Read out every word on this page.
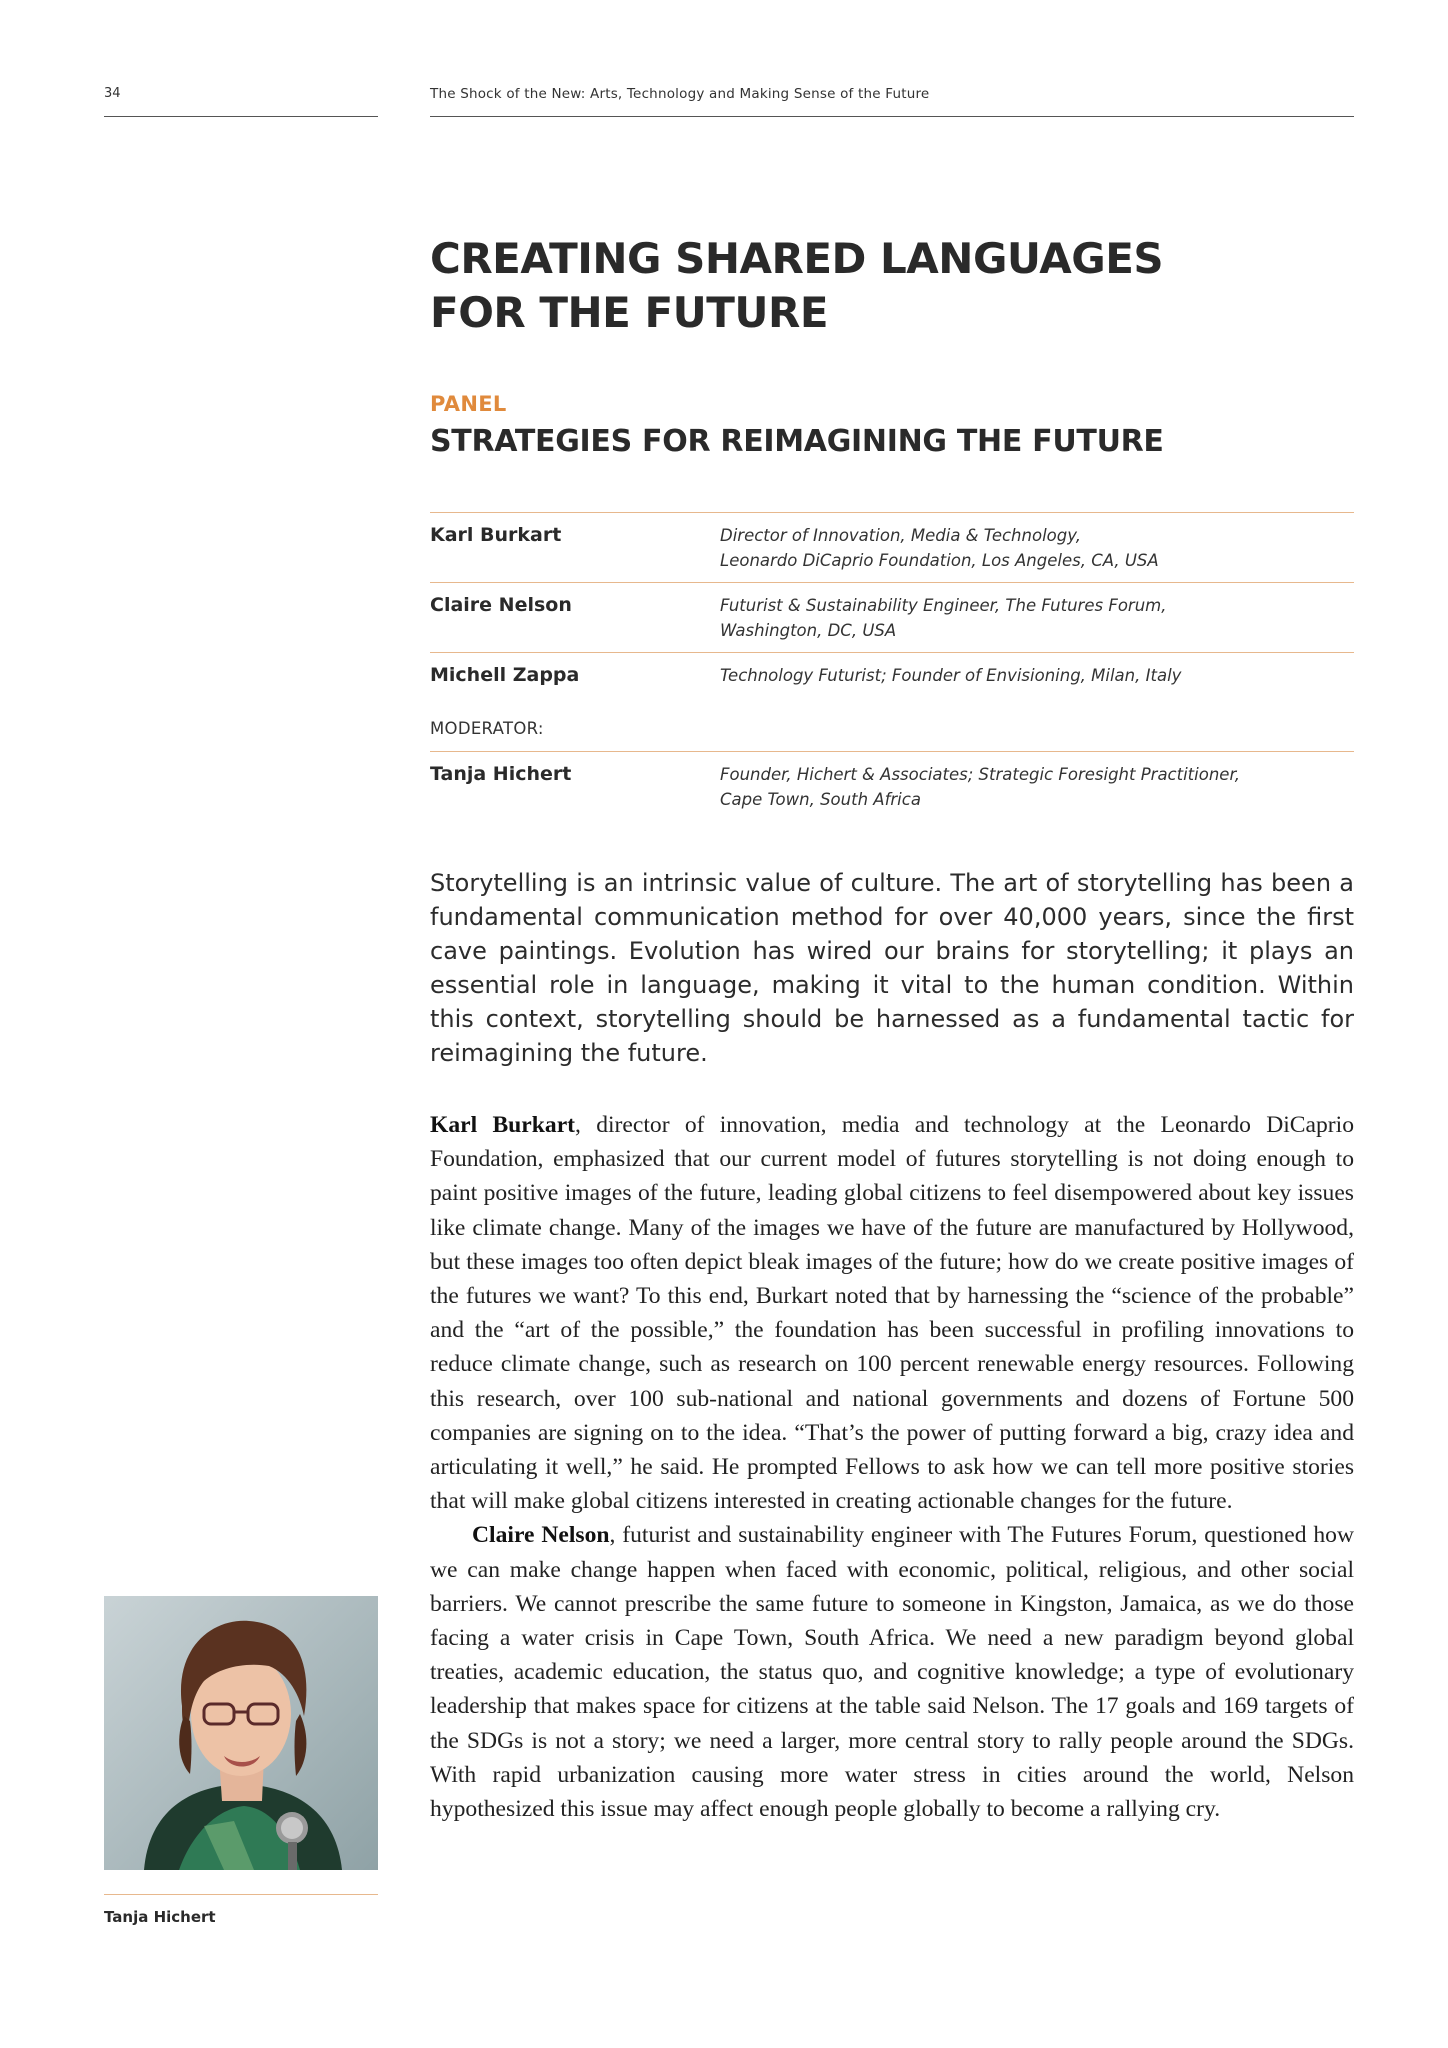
34	The Shock of the New: Arts, Technology and Making Sense of the Future
CREATING SHARED LANGUAGES
FOR THE FUTURE
PANEL
STRATEGIES FOR REIMAGINING THE FUTURE
Karl Burkart	Director of Innovation, Media & Technology,
Leonardo DiCaprio Foundation, Los Angeles, CA, USA
Claire Nelson	Futurist & Sustainability Engineer, The Futures Forum,
Washington, DC, USA
Michell Zappa	Technology Futurist; Founder of Envisioning, Milan, Italy
MODERATOR:
Tanja Hichert	Founder, Hichert & Associates; Strategic Foresight Practitioner,
Cape Town, South Africa

Storytelling is an intrinsic value of culture. The art of storytelling has been a fundamental communication method for over 40,000 years, since the first cave paintings. Evolution has wired our brains for storytelling; it plays an essential role in language, making it vital to the human condition. Within this context, storytelling should be harnessed as a fundamental tactic for reimagining the future.

Karl Burkart, director of innovation, media and technology at the Leonardo DiCaprio Foundation, emphasized that our current model of futures storytelling is not doing enough to paint positive images of the future, leading global citizens to feel disempowered about key issues like climate change. Many of the images we have of the future are manufactured by Hollywood, but these images too often depict bleak images of the future; how do we create positive images of the futures we want? To this end, Burkart noted that by harnessing the “science of the probable” and the “art of the possible,” the foundation has been successful in profiling innovations to reduce climate change, such as research on 100 percent renewable energy resources. Following this research, over 100 sub-national and national governments and dozens of Fortune 500 companies are signing on to the idea. “That’s the power of putting forward a big, crazy idea and articulating it well,” he said. He prompted Fellows to ask how we can tell more positive stories that will make global citizens interested in creating actionable changes for the future.

Claire Nelson, futurist and sustainability engineer with The Futures Forum, questioned how we can make change happen when faced with economic, political, religious, and other social barriers. We cannot prescribe the same future to someone in Kingston, Jamaica, as we do those facing a water crisis in Cape Town, South Africa. We need a new paradigm beyond global treaties, academic education, the status quo, and cognitive knowledge; a type of evolutionary leadership that makes space for citizens at the table said Nelson. The 17 goals and 169 targets of the SDGs is not a story; we need a larger, more central story to rally people around the SDGs. With rapid urbanization causing more water stress in cities around the world, Nelson hypothesized this issue may affect enough people globally to become a rallying cry.

Tanja Hichert
